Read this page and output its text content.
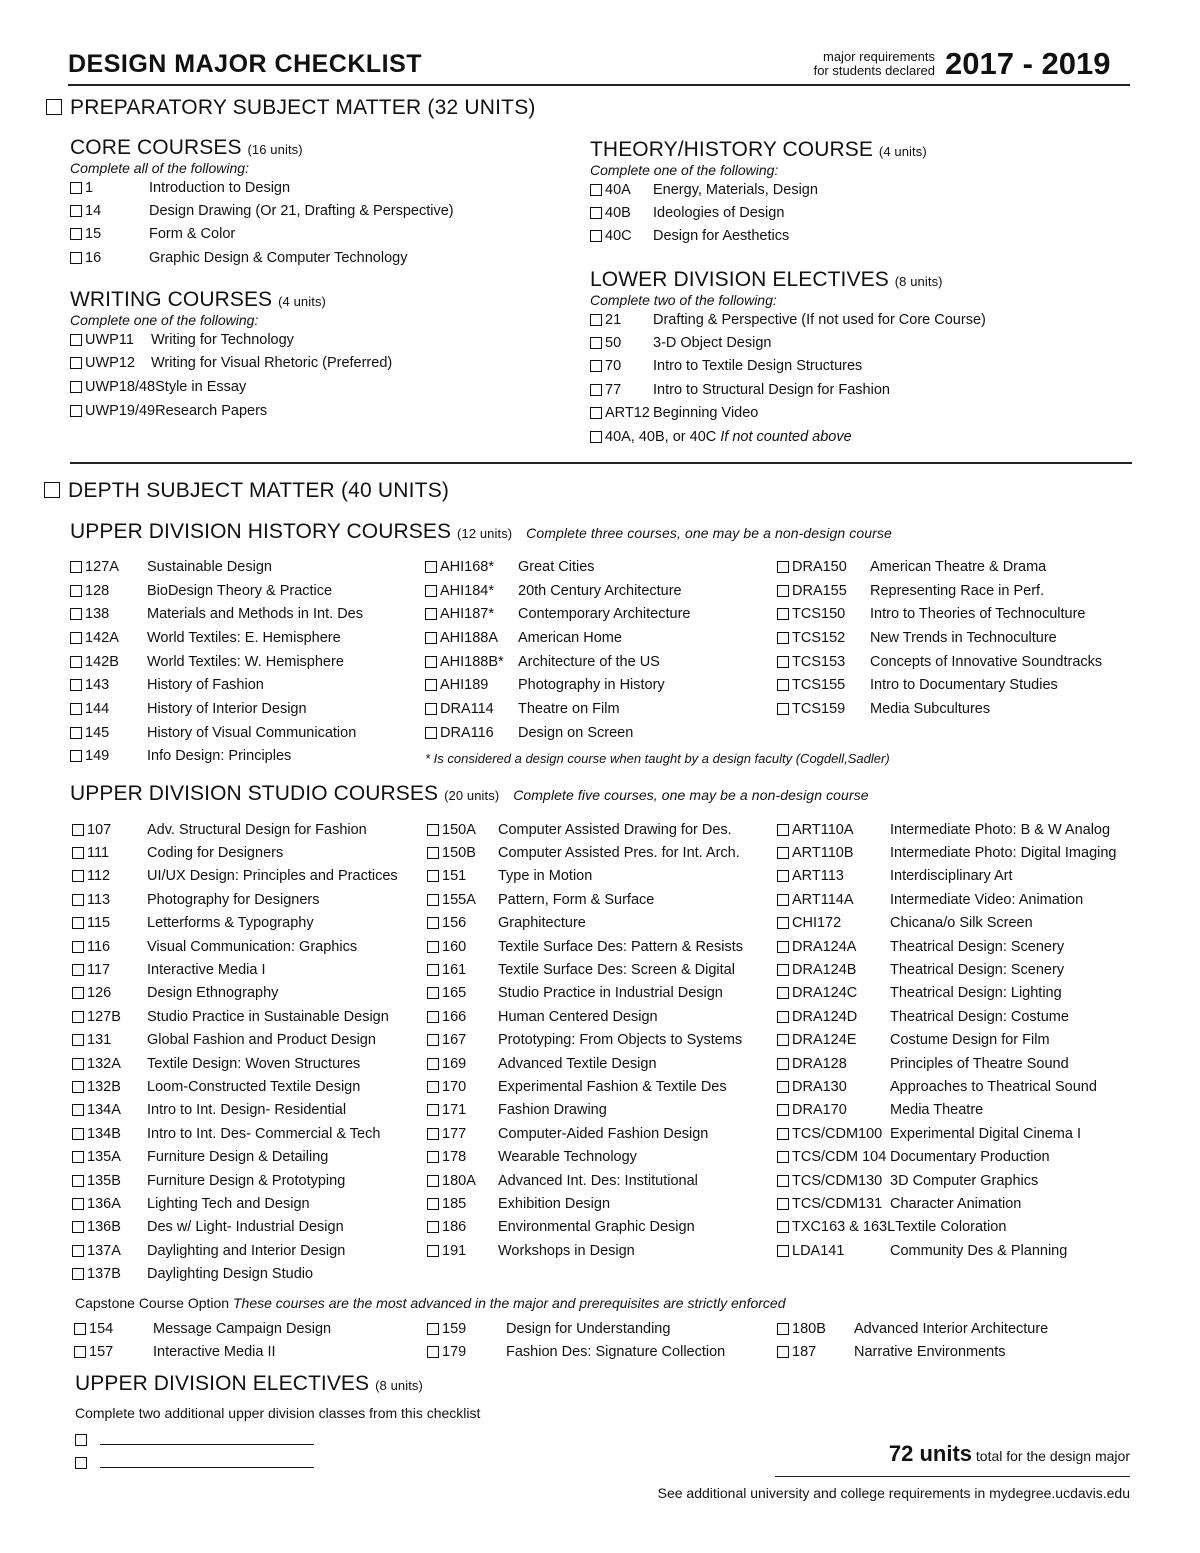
DESIGN MAJOR CHECKLIST	major requirements
for students declared 2017 - 2019
PREPARATORY SUBJECT MATTER (32 UNITS)
CORE COURSES (16 units)
Complete all of the following:
1	Introduction to Design
14	Design Drawing (Or 21, Drafting & Perspective)
15	Form & Color
16	Graphic Design & Computer Technology
WRITING COURSES (4 units)
Complete one of the following:
UWP11	Writing for Technology
UWP12	Writing for Visual Rhetoric (Preferred)
UWP18/48 Style in Essay
UWP19/49 Research Papers
THEORY/HISTORY COURSE (4 units)
Complete one of the following:
40A	Energy, Materials, Design
40B	Ideologies of Design
40C	Design for Aesthetics
LOWER DIVISION ELECTIVES (8 units)
Complete two of the following:
21	Drafting & Perspective (If not used for Core Course)
50	3-D Object Design
70	Intro to Textile Design Structures
77	Intro to Structural Design for Fashion
ART12 Beginning Video
40A, 40B, or 40C
If not counted above
DEPTH SUBJECT MATTER (40 UNITS)
UPPER DIVISION HISTORY COURSES (12 units) Complete three courses, one may be a non-design course
127A	Sustainable Design
128	BioDesign Theory & Practice
138	Materials and Methods in Int. Des
142A	World Textiles: E. Hemisphere
142B	World Textiles: W. Hemisphere
143	History of Fashion
144	History of Interior Design
145	History of Visual Communication
149	Info Design: Principles
AHI168*	Great Cities
AHI184*	20th Century Architecture
AHI187*	Contemporary Architecture
AHI188A	American Home
AHI188B* Architecture of the US
AHI189	Photography in History
DRA114	Theatre on Film
DRA116	Design on Screen
DRA150	American Theatre & Drama
DRA155	Representing Race in Perf.
TCS150	Intro to Theories of Technoculture
TCS152	New Trends in Technoculture
TCS153	Concepts of Innovative Soundtracks
TCS155	Intro to Documentary Studies
TCS159	Media Subcultures
* Is considered a design course when taught by a design faculty (Cogdell,Sadler)
UPPER DIVISION STUDIO COURSES (20 units) Complete five courses, one may be a non-design course
107	Adv. Structural Design for Fashion
111	Coding for Designers
112	UI/UX Design: Principles and Practices
113	Photography for Designers
115	Letterforms & Typography
116	Visual Communication: Graphics
117	Interactive Media I
126	Design Ethnography
127B	Studio Practice in Sustainable Design
131	Global Fashion and Product Design
132A	Textile Design: Woven Structures
132B	Loom-Constructed Textile Design
134A	Intro to Int. Design- Residential
134B	Intro to Int. Des- Commercial & Tech
135A	Furniture Design & Detailing
135B	Furniture Design & Prototyping
136A	Lighting Tech and Design
136B	Des w/ Light- Industrial Design
137A	Daylighting and Interior Design
137B	Daylighting Design Studio
150A	Computer Assisted Drawing for Des.
150B	Computer Assisted Pres. for Int. Arch.
151	Type in Motion
155A	Pattern, Form & Surface
156	Graphitecture
160	Textile Surface Des: Pattern & Resists
161	Textile Surface Des: Screen & Digital
165	Studio Practice in Industrial Design
166	Human Centered Design
167	Prototyping: From Objects to Systems
169	Advanced Textile Design
170	Experimental Fashion & Textile Des
171	Fashion Drawing
177	Computer-Aided Fashion Design
178	Wearable Technology
180A	Advanced Int. Des: Institutional
185	Exhibition Design
186	Environmental Graphic Design
191	Workshops in Design
ART110A	Intermediate Photo: B & W Analog
ART110B	Intermediate Photo: Digital Imaging
ART113	Interdisciplinary Art
ART114A	Intermediate Video: Animation
CHI172	Chicana/o Silk Screen
DRA124A	Theatrical Design: Scenery
DRA124B	Theatrical Design: Scenery
DRA124C	Theatrical Design: Lighting
DRA124D	Theatrical Design: Costume
DRA124E	Costume Design for Film
DRA128	Principles of Theatre Sound
DRA130	Approaches to Theatrical Sound
DRA170	Media Theatre
TCS/CDM100 Experimental Digital Cinema I
TCS/CDM 104 Documentary Production
TCS/CDM130 3D Computer Graphics
TCS/CDM131 Character Animation
TXC163 & 163L Textile Coloration
LDA141	Community Des & Planning
Capstone Course Option These courses are the most advanced in the major and prerequisites are strictly enforced
154	Message Campaign Design
157	Interactive Media II
159	Design for Understanding
179	Fashion Des: Signature Collection
180B	Advanced Interior Architecture
187	Narrative Environments
UPPER DIVISION ELECTIVES (8 units)
Complete two additional upper division classes from this checklist
72 units total for the design major
See additional university and college requirements in mydegree.ucdavis.edu
